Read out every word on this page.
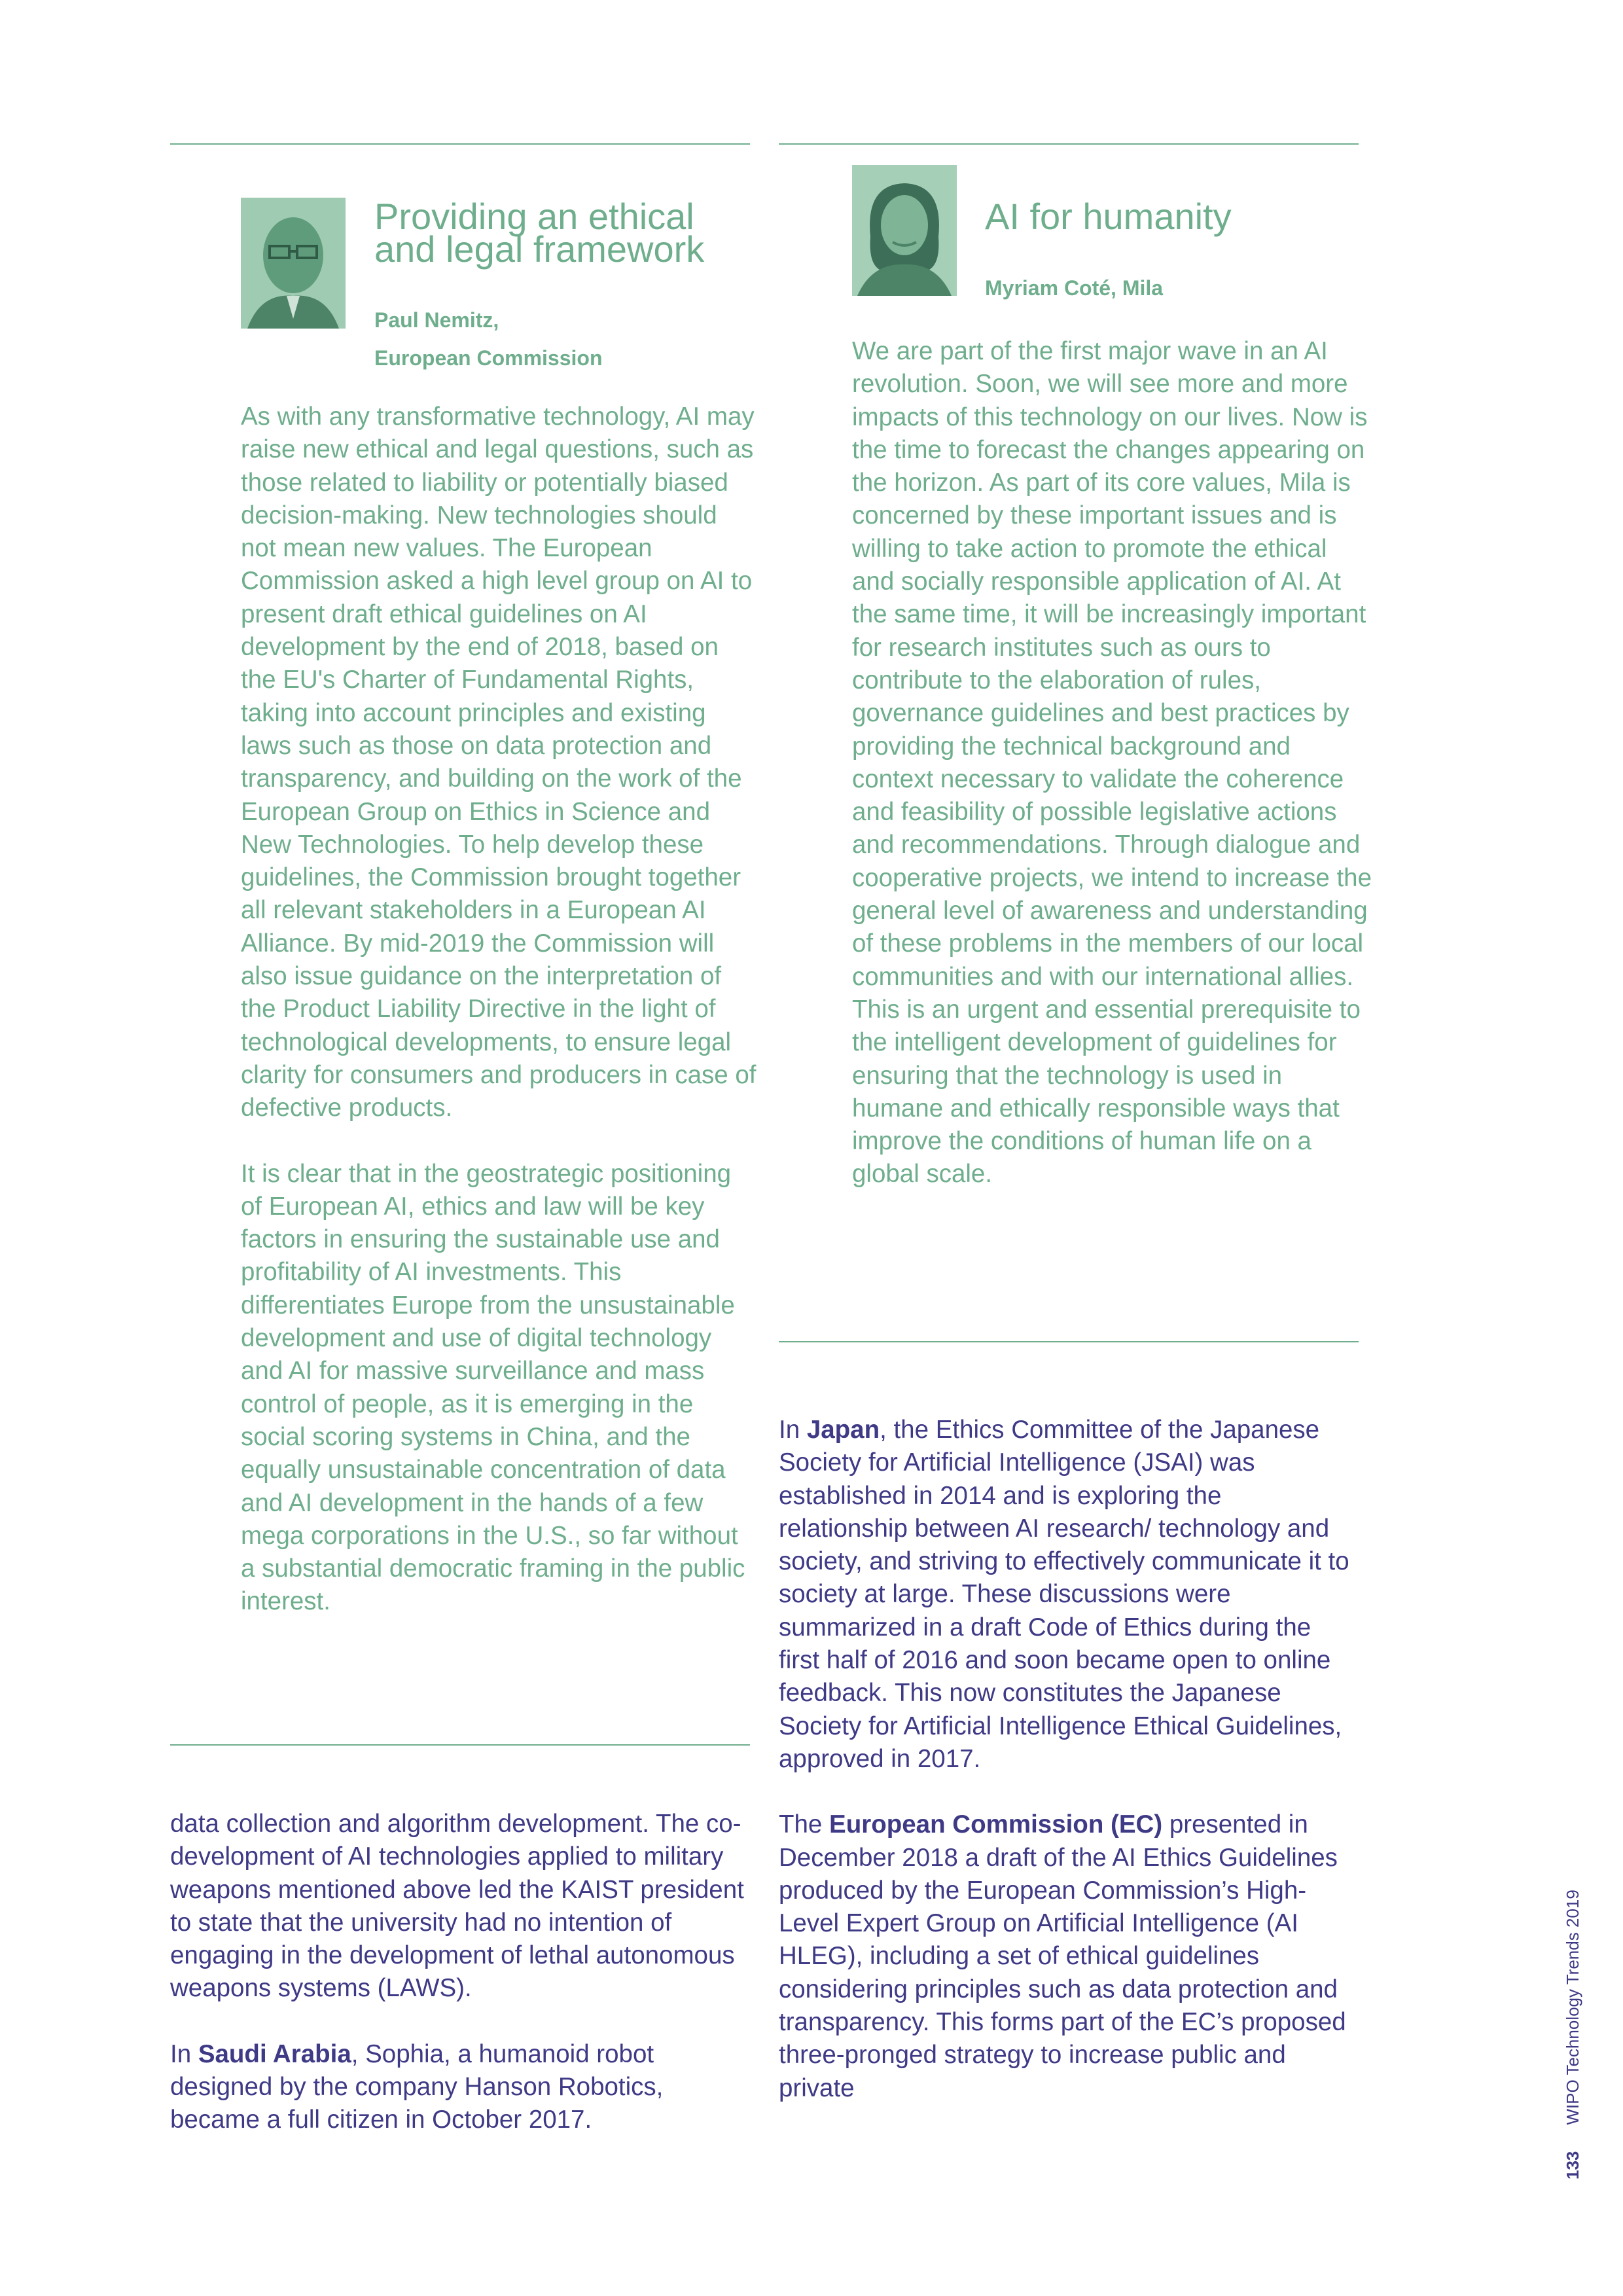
Providing an ethical
and legal framework
Paul Nemitz,
European Commission

As with any transformative technology, AI may raise new ethical and legal questions, such as those related to liability or potentially biased decision-making. New technologies should not mean new values. The European Commission asked a high level group on AI to present draft ethical guidelines on AI development by the end of 2018, based on the EU's Charter of Fundamental Rights, taking into account principles and existing laws such as those on data protection and transparency, and building on the work of the European Group on Ethics in Science and New Technologies. To help develop these guidelines, the Commission brought together all relevant stakeholders in a European AI Alliance. By mid-2019 the Commission will also issue guidance on the interpretation of the Product Liability Directive in the light of technological developments, to ensure legal clarity for consumers and producers in case of defective products.

It is clear that in the geostrategic positioning of European AI, ethics and law will be key factors in ensuring the sustainable use and profitability of AI investments. This differentiates Europe from the unsustainable development and use of digital technology and AI for massive surveillance and mass control of people, as it is emerging in the social scoring systems in China, and the equally unsustainable concentration of data and AI development in the hands of a few mega corporations in the U.S., so far without a substantial democratic framing in the public interest.

AI for humanity
Myriam Coté, Mila

We are part of the first major wave in an AI revolution. Soon, we will see more and more impacts of this technology on our lives. Now is the time to forecast the changes appearing on the horizon. As part of its core values, Mila is concerned by these important issues and is willing to take action to promote the ethical and socially responsible application of AI. At the same time, it will be increasingly important for research institutes such as ours to contribute to the elaboration of rules, governance guidelines and best practices by providing the technical background and context necessary to validate the coherence and feasibility of possible legislative actions and recommendations. Through dialogue and cooperative projects, we intend to increase the general level of awareness and understanding of these problems in the members of our local communities and with our international allies. This is an urgent and essential prerequisite to the intelligent development of guidelines for ensuring that the technology is used in humane and ethically responsible ways that improve the conditions of human life on a global scale.

data collection and algorithm development. The co-development of AI technologies applied to military weapons mentioned above led the KAIST president to state that the university had no intention of engaging in the development of lethal autonomous weapons systems (LAWS).

In Saudi Arabia, Sophia, a humanoid robot designed by the company Hanson Robotics, became a full citizen in October 2017.

In Japan, the Ethics Committee of the Japanese Society for Artificial Intelligence (JSAI) was established in 2014 and is exploring the relationship between AI research/ technology and society, and striving to effectively communicate it to society at large. These discussions were summarized in a draft Code of Ethics during the first half of 2016 and soon became open to online feedback. This now constitutes the Japanese Society for Artificial Intelligence Ethical Guidelines, approved in 2017.

The European Commission (EC) presented in December 2018 a draft of the AI Ethics Guidelines produced by the European Commission’s High-Level Expert Group on Artificial Intelligence (AI HLEG), including a set of ethical guidelines considering principles such as data protection and transparency. This forms part of the EC’s proposed three-pronged strategy to increase public and private

133WIPO Technology Trends 2019
